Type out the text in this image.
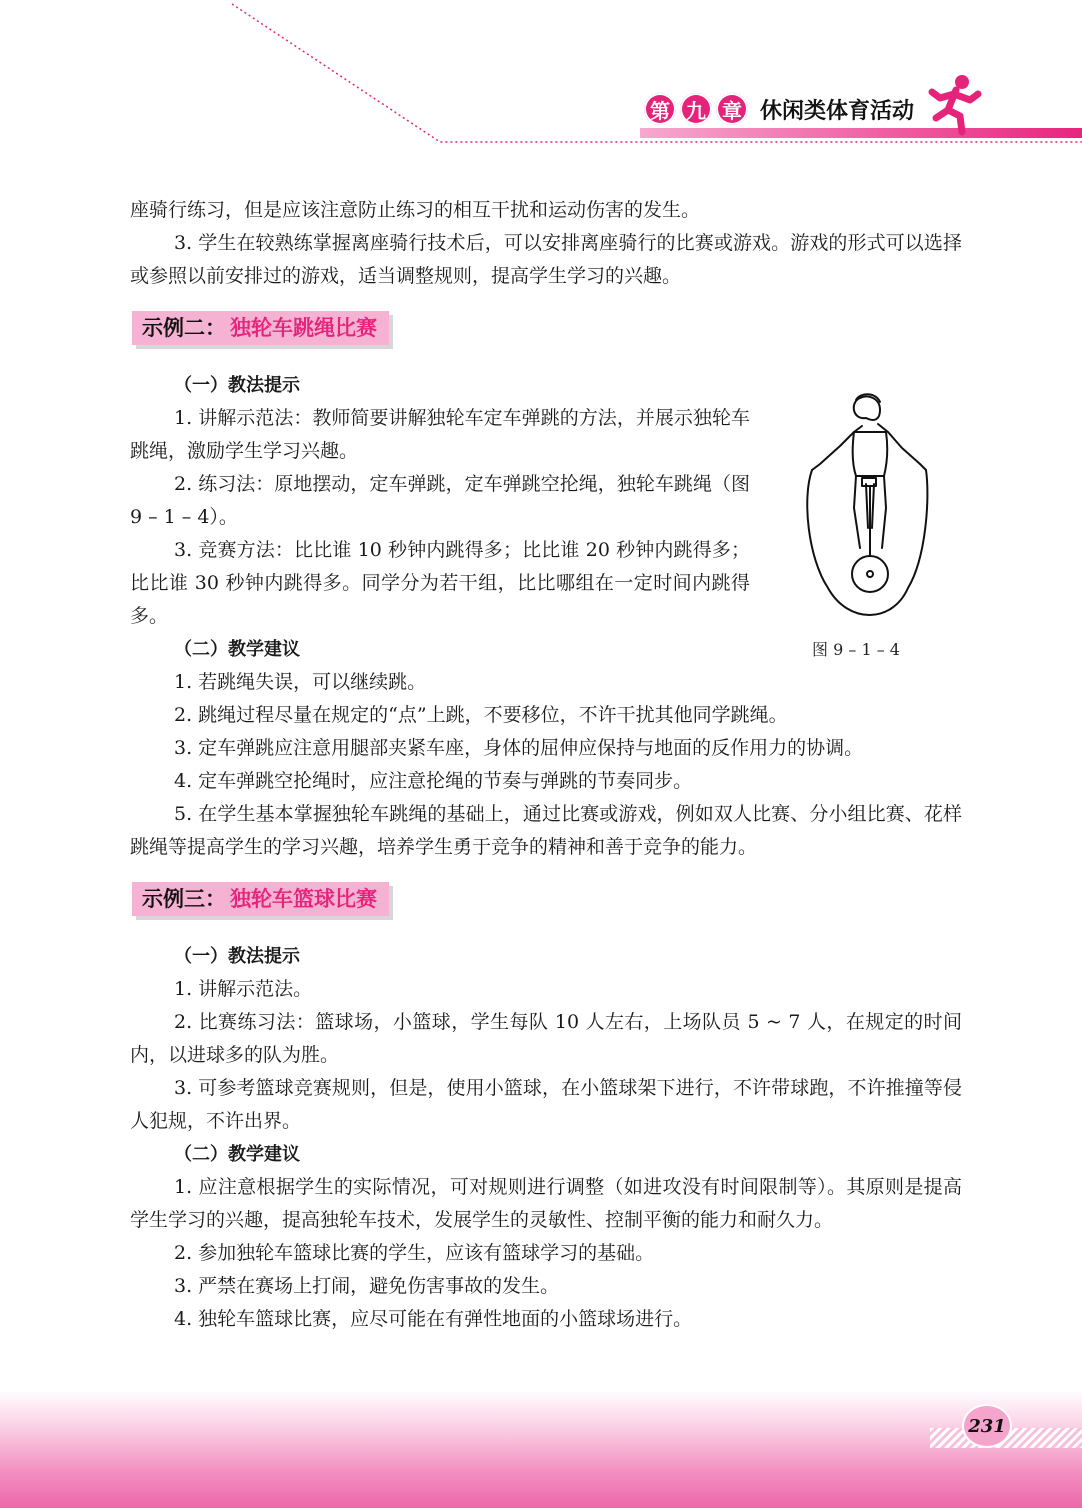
第 九 章 休闲类体育活动

座骑行练习，但是应该注意防止练习的相互干扰和运动伤害的发生。

3. 学生在较熟练掌握离座骑行技术后，可以安排离座骑行的比赛或游戏。游戏的形式可以选择或参照以前安排过的游戏，适当调整规则，提高学生学习的兴趣。

示例二： 独轮车跳绳比赛

（一）教法提示

1. 讲解示范法：教师简要讲解独轮车定车弹跳的方法，并展示独轮车跳绳，激励学生学习兴趣。

2. 练习法：原地摆动，定车弹跳，定车弹跳空抡绳，独轮车跳绳（图 9 – 1 – 4）。

3. 竞赛方法：比比谁 10 秒钟内跳得多；比比谁 20 秒钟内跳得多；比比谁 30 秒钟内跳得多。同学分为若干组，比比哪组在一定时间内跳得多。

（二）教学建议

1. 若跳绳失误，可以继续跳。

2. 跳绳过程尽量在规定的“点”上跳，不要移位，不许干扰其他同学跳绳。

3. 定车弹跳应注意用腿部夹紧车座，身体的屈伸应保持与地面的反作用力的协调。

4. 定车弹跳空抡绳时，应注意抡绳的节奏与弹跳的节奏同步。

5. 在学生基本掌握独轮车跳绳的基础上，通过比赛或游戏，例如双人比赛、分小组比赛、花样跳绳等提高学生的学习兴趣，培养学生勇于竞争的精神和善于竞争的能力。

示例三： 独轮车篮球比赛

（一）教法提示

1. 讲解示范法。

2. 比赛练习法：篮球场，小篮球，学生每队 10 人左右，上场队员 5 ~ 7 人，在规定的时间内，以进球多的队为胜。

3. 可参考篮球竞赛规则，但是，使用小篮球，在小篮球架下进行，不许带球跑，不许推撞等侵人犯规，不许出界。

（二）教学建议

1. 应注意根据学生的实际情况，可对规则进行调整（如进攻没有时间限制等）。其原则是提高学生学习的兴趣，提高独轮车技术，发展学生的灵敏性、控制平衡的能力和耐久力。

2. 参加独轮车篮球比赛的学生，应该有篮球学习的基础。

3. 严禁在赛场上打闹，避免伤害事故的发生。

4. 独轮车篮球比赛，应尽可能在有弹性地面的小篮球场进行。

图 9 – 1 – 4
231
